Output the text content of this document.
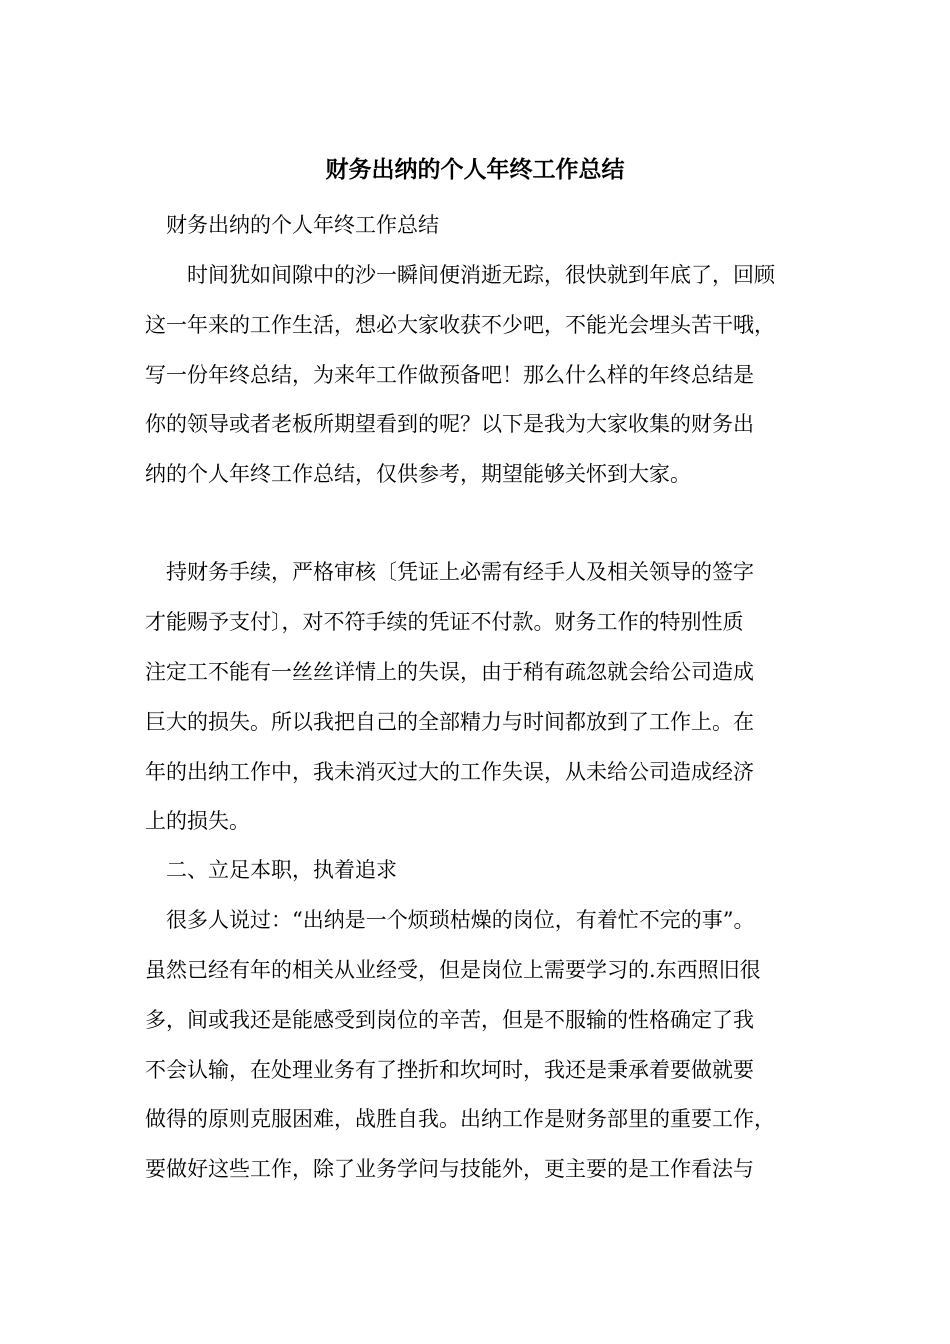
财务出纳的个人年终工作总结
　财务出纳的个人年终工作总结
　　时间犹如间隙中的沙一瞬间便消逝无踪，很快就到年底了，回顾
这一年来的工作生活，想必大家收获不少吧，不能光会埋头苦干哦，
写一份年终总结，为来年工作做预备吧！那么什么样的年终总结是
你的领导或者老板所期望看到的呢？以下是我为大家收集的财务出
纳的个人年终工作总结，仅供参考，期望能够关怀到大家。
　持财务手续，严格审核〔凭证上必需有经手人及相关领导的签字
才能赐予支付〕，对不符手续的凭证不付款。财务工作的特别性质
注定工不能有一丝丝详情上的失误，由于稍有疏忽就会给公司造成
巨大的损失。所以我把自己的全部精力与时间都放到了工作上。在
年的出纳工作中，我未消灭过大的工作失误，从未给公司造成经济
上的损失。
　二、立足本职，执着追求
　很多人说过：“出纳是一个烦琐枯燥的岗位，有着忙不完的事”。
虽然已经有年的相关从业经受，但是岗位上需要学习的.东西照旧很
多，间或我还是能感受到岗位的辛苦，但是不服输的性格确定了我
不会认输，在处理业务有了挫折和坎坷时，我还是秉承着要做就要
做得的原则克服困难，战胜自我。出纳工作是财务部里的重要工作，
要做好这些工作，除了业务学问与技能外，更主要的是工作看法与
